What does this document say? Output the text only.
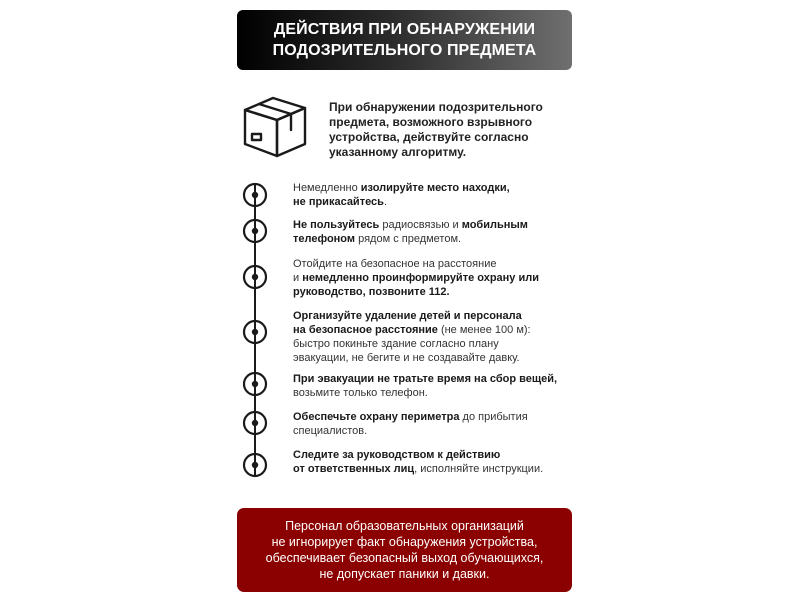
ДЕЙСТВИЯ ПРИ ОБНАРУЖЕНИИ
ПОДОЗРИТЕЛЬНОГО ПРЕДМЕТА
При обнаружении подозрительного
предмета, возможного взрывного
устройства, действуйте согласно
указанному алгоритму.
Немедленно изолируйте место находки,
не прикасайтесь.
Не пользуйтесь радиосвязью и мобильным
телефоном рядом с предметом.
Отойдите на безопасное на расстояние
и немедленно проинформируйте охрану или
руководство, позвоните 112.
Организуйте удаление детей и персонала
на безопасное расстояние (не менее 100 м):
быстро покиньте здание согласно плану
эвакуации, не бегите и не создавайте давку.
При эвакуации не тратьте время на сбор вещей,
возьмите только телефон.
Обеспечьте охрану периметра до прибытия
специалистов.
Следите за руководством к действию
от ответственных лиц, исполняйте инструкции.
Персонал образовательных организаций
не игнорирует факт обнаружения устройства,
обеспечивает безопасный выход обучающихся,
не допускает паники и давки.
